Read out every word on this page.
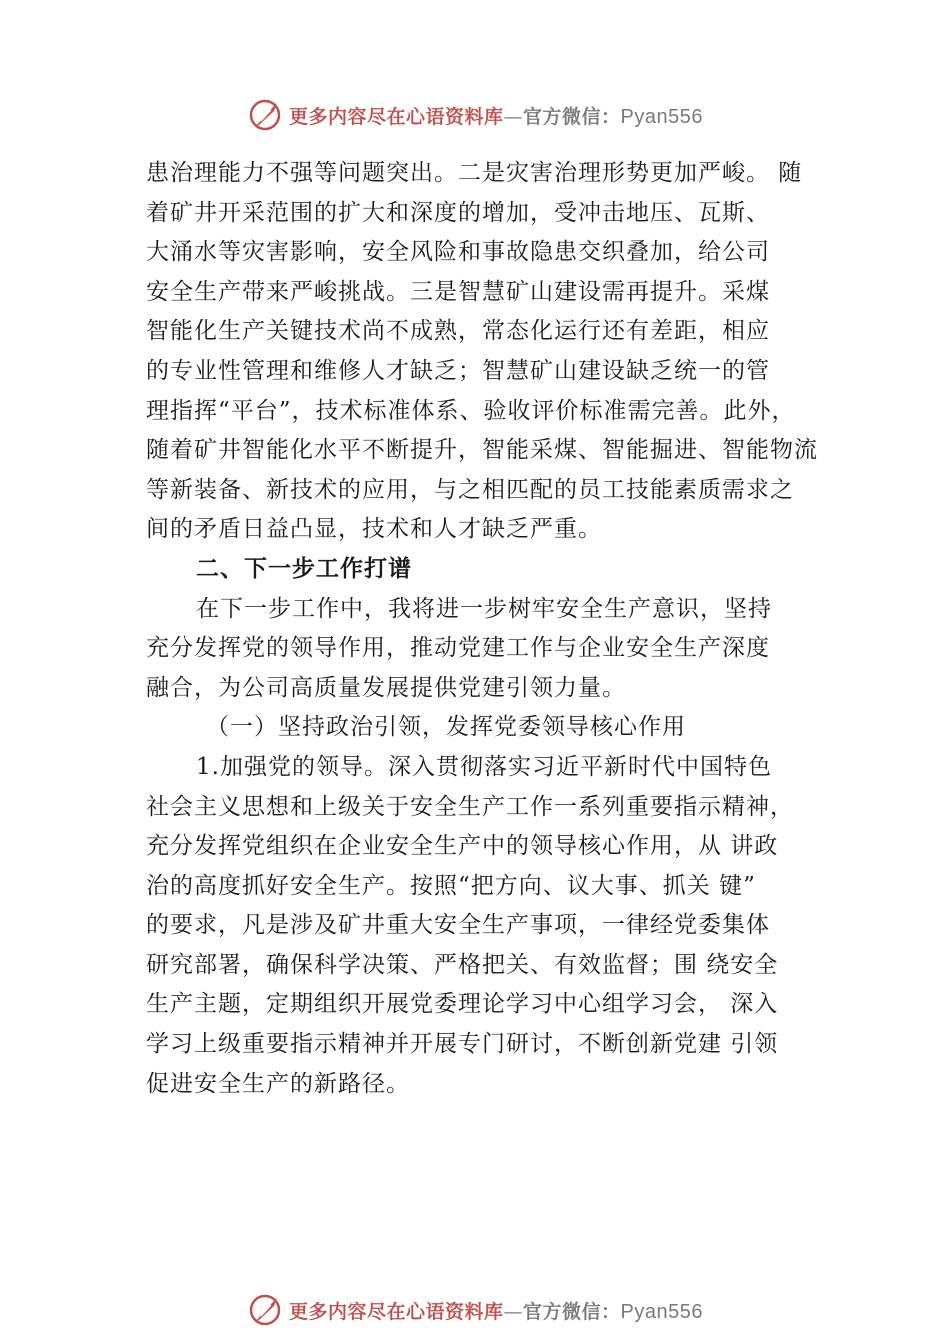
更多内容尽在心语资料库 — 官方微信： Pyan556
患治理能力不强等问题突出。二是灾害治理形势更加严峻。 随
着矿井开采范围的扩大和深度的增加，受冲击地压、瓦斯、
大涌水等灾害影响，安全风险和事故隐患交织叠加，给公司
安全生产带来严峻挑战。三是智慧矿山建设需再提升。采煤
智能化生产关键技术尚不成熟，常态化运行还有差距，相应
的专业性管理和维修人才缺乏；智慧矿山建设缺乏统一的管
理指挥“平台”，技术标准体系、验收评价标准需完善。此外，
随着矿井智能化水平不断提升，智能采煤、智能掘进、智能物流
等新装备、新技术的应用，与之相匹配的员工技能素质需求之
间的矛盾日益凸显，技术和人才缺乏严重。
二、下一步工作打谱
在下一步工作中，我将进一步树牢安全生产意识，坚持
充分发挥党的领导作用，推动党建工作与企业安全生产深度
融合，为公司高质量发展提供党建引领力量。
（一）坚持政治引领，发挥党委领导核心作用
1.加强党的领导。深入贯彻落实习近平新时代中国特色
社会主义思想和上级关于安全生产工作一系列重要指示精神，
充分发挥党组织在企业安全生产中的领导核心作用，从 讲政
治的高度抓好安全生产。按照“把方向、议大事、抓关 键”
的要求，凡是涉及矿井重大安全生产事项，一律经党委集体
研究部署，确保科学决策、严格把关、有效监督；围 绕安全
生产主题，定期组织开展党委理论学习中心组学习会， 深入
学习上级重要指示精神并开展专门研讨，不断创新党建 引领
促进安全生产的新路径。
更多内容尽在心语资料库 — 官方微信： Pyan556
